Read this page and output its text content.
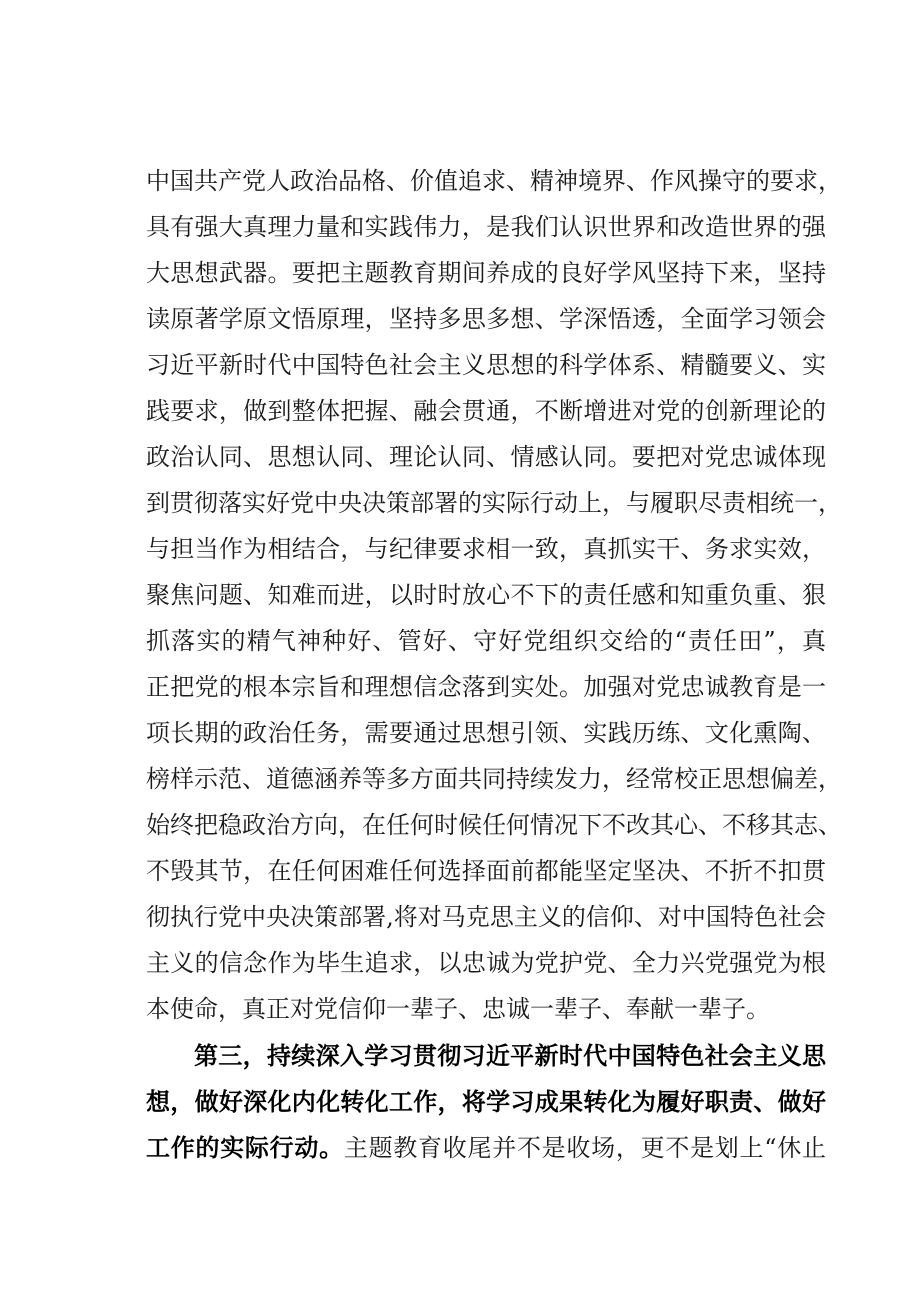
中国共产党人政治品格、价值追求、精神境界、作风操守的要求，
具有强大真理力量和实践伟力，是我们认识世界和改造世界的强
大思想武器。要把主题教育期间养成的良好学风坚持下来，坚持
读原著学原文悟原理，坚持多思多想、学深悟透，全面学习领会
习近平新时代中国特色社会主义思想的科学体系、精髓要义、实
践要求，做到整体把握、融会贯通，不断增进对党的创新理论的
政治认同、思想认同、理论认同、情感认同。要把对党忠诚体现
到贯彻落实好党中央决策部署的实际行动上，与履职尽责相统一，
与担当作为相结合，与纪律要求相一致，真抓实干、务求实效，
聚焦问题、知难而进，以时时放心不下的责任感和知重负重、狠
抓落实的精气神种好、管好、守好党组织交给的“责任田”，真
正把党的根本宗旨和理想信念落到实处。加强对党忠诚教育是一
项长期的政治任务，需要通过思想引领、实践历练、文化熏陶、
榜样示范、道德涵养等多方面共同持续发力，经常校正思想偏差，
始终把稳政治方向，在任何时候任何情况下不改其心、不移其志、
不毁其节，在任何困难任何选择面前都能坚定坚决、不折不扣贯
彻执行党中央决策部署,将对马克思主义的信仰、对中国特色社会
主义的信念作为毕生追求，以忠诚为党护党、全力兴党强党为根
本使命，真正对党信仰一辈子、忠诚一辈子、奉献一辈子。
第三，持续深入学习贯彻习近平新时代中国特色社会主义思
想，做好深化内化转化工作，将学习成果转化为履好职责、做好
工作的实际行动。主题教育收尾并不是收场，更不是划上“休止
